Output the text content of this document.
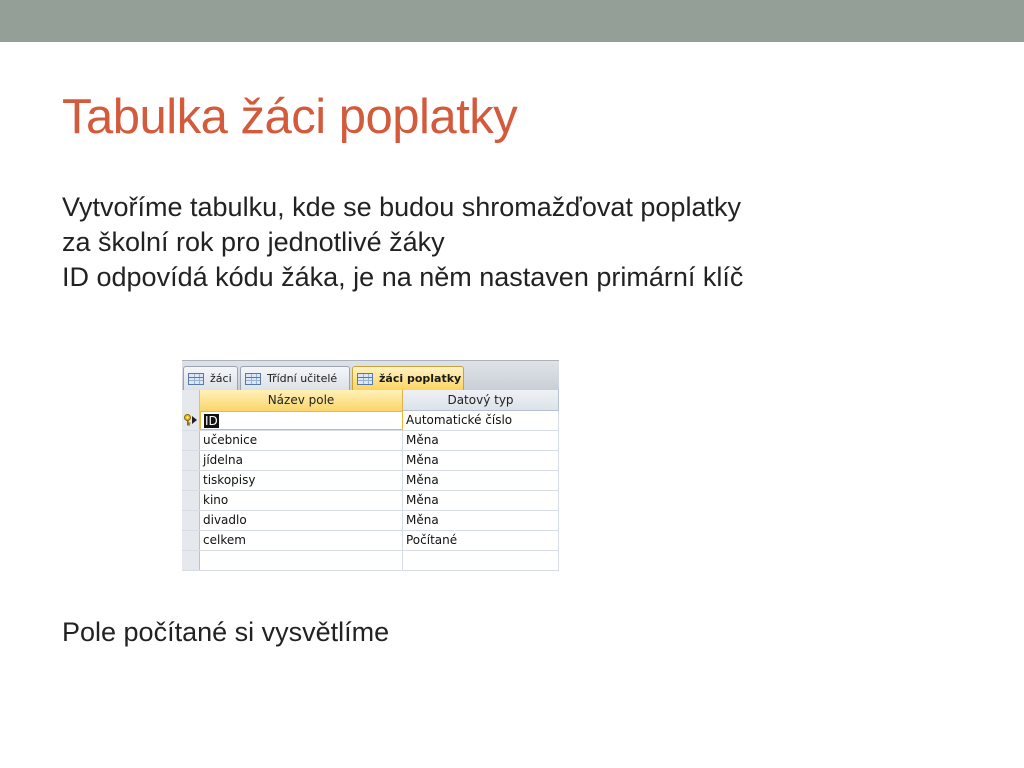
Tabulka žáci poplatky
Vytvoříme tabulku, kde se budou shromažďovat poplatky
za školní rok pro jednotlivé žáky
ID odpovídá kódu žáka, je na něm nastaven primární klíč
žáci	Třídní učitelé	žáci poplatky
Název pole	Datový typ
ID	Automatické číslo
učebnice	Měna
jídelna	Měna
tiskopisy	Měna
kino	Měna
divadlo	Měna
celkem	Počítané
Pole počítané si vysvětlíme
